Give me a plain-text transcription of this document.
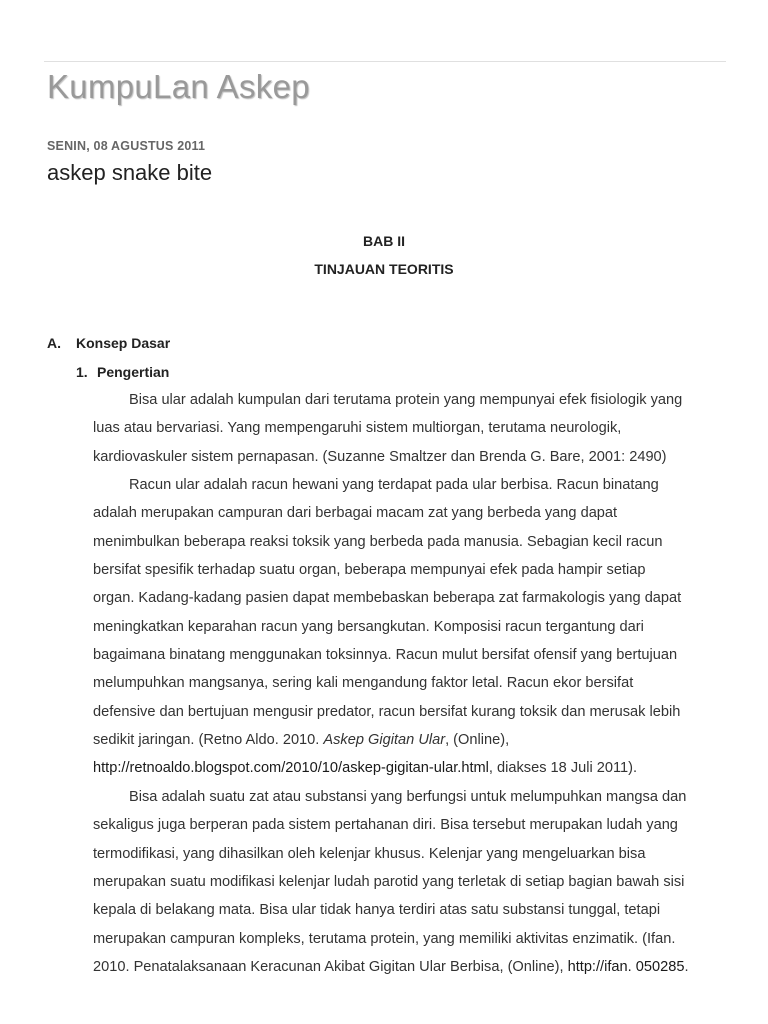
KumpuLan Askep
SENIN, 08 AGUSTUS 2011
askep snake bite
BAB II
TINJAUAN TEORITIS
A. Konsep Dasar
1. Pengertian
Bisa ular adalah kumpulan dari terutama protein yang mempunyai efek fisiologik yang
luas atau bervariasi. Yang mempengaruhi sistem multiorgan, terutama neurologik,
kardiovaskuler sistem pernapasan. (Suzanne Smaltzer dan Brenda G. Bare, 2001: 2490)
Racun ular adalah racun hewani yang terdapat pada ular berbisa. Racun binatang
adalah merupakan campuran dari berbagai macam zat yang berbeda yang dapat
menimbulkan beberapa reaksi toksik yang berbeda pada manusia. Sebagian kecil racun
bersifat spesifik terhadap suatu organ, beberapa mempunyai efek pada hampir setiap
organ. Kadang-kadang pasien dapat membebaskan beberapa zat farmakologis yang dapat
meningkatkan keparahan racun yang bersangkutan. Komposisi racun tergantung dari
bagaimana binatang menggunakan toksinnya. Racun mulut bersifat ofensif yang bertujuan
melumpuhkan mangsanya, sering kali mengandung faktor letal. Racun ekor bersifat
defensive dan bertujuan mengusir predator, racun bersifat kurang toksik dan merusak lebih
sedikit jaringan. (Retno Aldo. 2010. Askep Gigitan Ular, (Online),
http://retnoaldo.blogspot.com/2010/10/askep-gigitan-ular.html, diakses 18 Juli 2011).
Bisa adalah suatu zat atau substansi yang berfungsi untuk melumpuhkan mangsa dan
sekaligus juga berperan pada sistem pertahanan diri. Bisa tersebut merupakan ludah yang
termodifikasi, yang dihasilkan oleh kelenjar khusus. Kelenjar yang mengeluarkan bisa
merupakan suatu modifikasi kelenjar ludah parotid yang terletak di setiap bagian bawah sisi
kepala di belakang mata. Bisa ular tidak hanya terdiri atas satu substansi tunggal, tetapi
merupakan campuran kompleks, terutama protein, yang memiliki aktivitas enzimatik. (Ifan.
2010. Penatalaksanaan Keracunan Akibat Gigitan Ular Berbisa, (Online), http://ifan. 050285.
